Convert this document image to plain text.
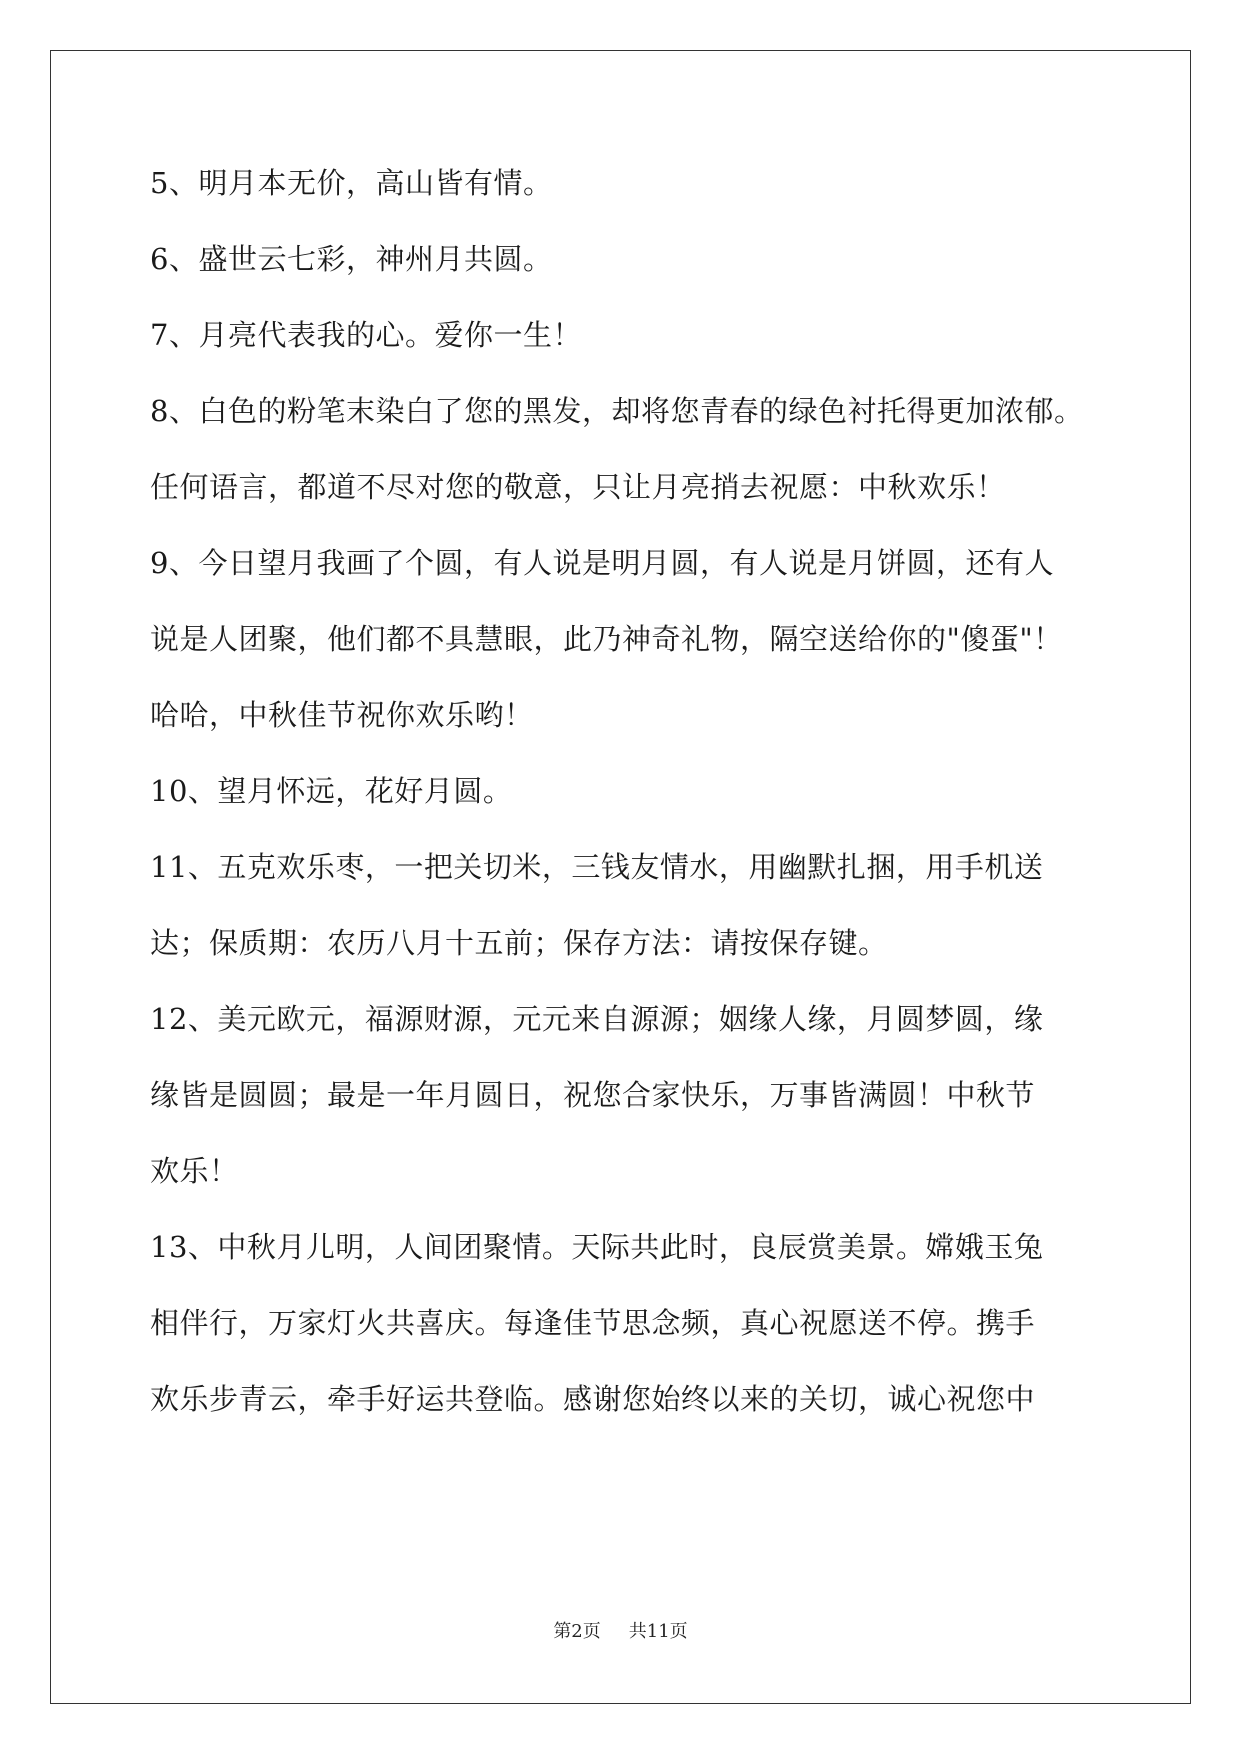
5、明月本无价，高山皆有情。

6、盛世云七彩，神州月共圆。

7、月亮代表我的心。爱你一生！

8、白色的粉笔末染白了您的黑发，却将您青春的绿色衬托得更加浓郁。

任何语言，都道不尽对您的敬意，只让月亮捎去祝愿：中秋欢乐！

9、今日望月我画了个圆，有人说是明月圆，有人说是月饼圆，还有人

说是人团聚，他们都不具慧眼，此乃神奇礼物，隔空送给你的"傻蛋"！

哈哈，中秋佳节祝你欢乐哟！

10、望月怀远，花好月圆。

11、五克欢乐枣，一把关切米，三钱友情水，用幽默扎捆，用手机送

达；保质期：农历八月十五前；保存方法：请按保存键。

12、美元欧元，福源财源，元元来自源源；姻缘人缘，月圆梦圆，缘

缘皆是圆圆；最是一年月圆日，祝您合家快乐，万事皆满圆！中秋节

欢乐！

13、中秋月儿明，人间团聚情。天际共此时，良辰赏美景。嫦娥玉兔

相伴行，万家灯火共喜庆。每逢佳节思念频，真心祝愿送不停。携手

欢乐步青云，牵手好运共登临。感谢您始终以来的关切，诚心祝您中

第2页 共11页
